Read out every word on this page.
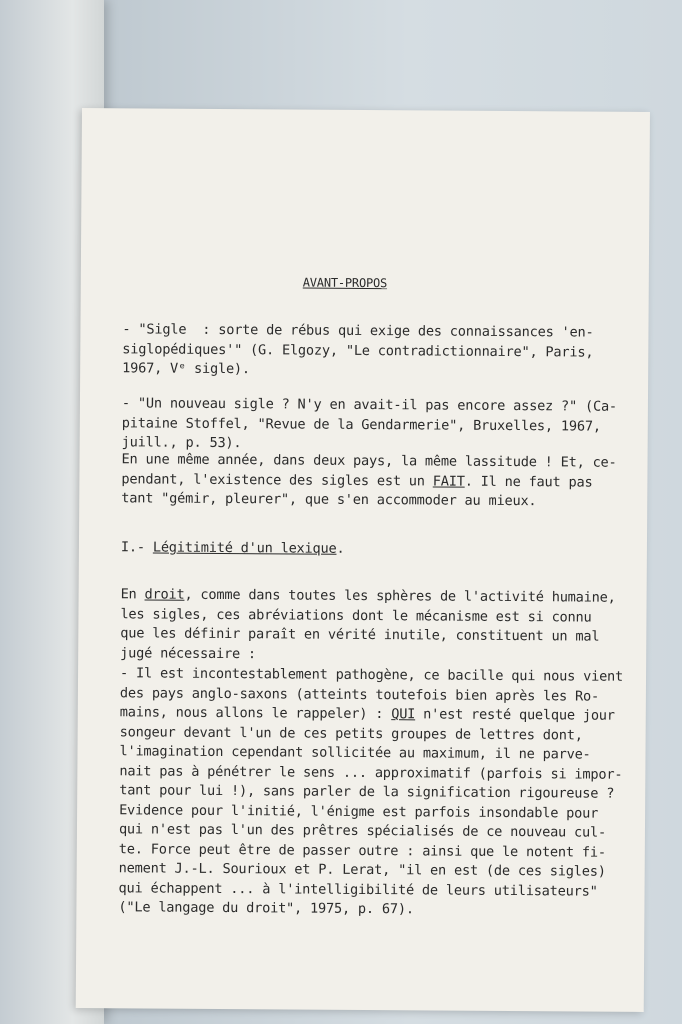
AVANT-PROPOS
- "Sigle  : sorte de rébus qui exige des connaissances 'en-
siglopédiques'" (G. Elgozy, "Le contradictionnaire", Paris,
1967, Vᵉ sigle).
- "Un nouveau sigle ? N'y en avait-il pas encore assez ?" (Ca-
pitaine Stoffel, "Revue de la Gendarmerie", Bruxelles, 1967,
juill., p. 53).
En une même année, dans deux pays, la même lassitude ! Et, ce-
pendant, l'existence des sigles est un FAIT. Il ne faut pas
tant "gémir, pleurer", que s'en accommoder au mieux.
I.- Légitimité d'un lexique.
En droit, comme dans toutes les sphères de l'activité humaine,
les sigles, ces abréviations dont le mécanisme est si connu
que les définir paraît en vérité inutile, constituent un mal
jugé nécessaire :
- Il est incontestablement pathogène, ce bacille qui nous vient
des pays anglo-saxons (atteints toutefois bien après les Ro-
mains, nous allons le rappeler) : QUI n'est resté quelque jour
songeur devant l'un de ces petits groupes de lettres dont,
l'imagination cependant sollicitée au maximum, il ne parve-
nait pas à pénétrer le sens ... approximatif (parfois si impor-
tant pour lui !), sans parler de la signification rigoureuse ?
Evidence pour l'initié, l'énigme est parfois insondable pour
qui n'est pas l'un des prêtres spécialisés de ce nouveau cul-
te. Force peut être de passer outre : ainsi que le notent fi-
nement J.-L. Sourioux et P. Lerat, "il en est (de ces sigles)
qui échappent ... à l'intelligibilité de leurs utilisateurs"
("Le langage du droit", 1975, p. 67).
